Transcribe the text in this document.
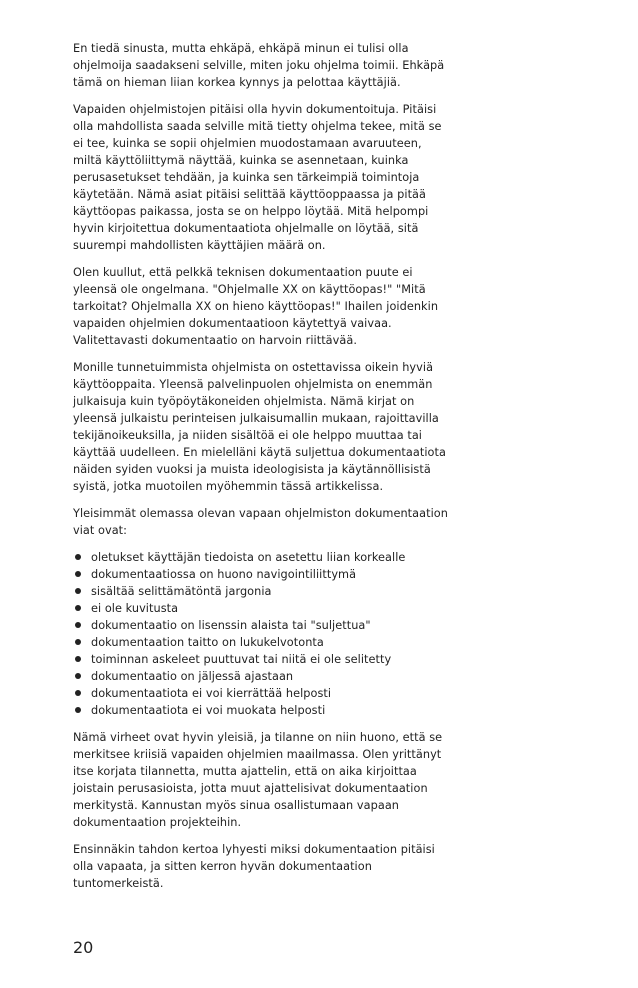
En tiedä sinusta, mutta ehkäpä, ehkäpä minun ei tulisi olla ohjelmoija saadakseni selville, miten joku ohjelma toimii. Ehkäpä tämä on hieman liian korkea kynnys ja pelottaa käyttäjiä.

Vapaiden ohjelmistojen pitäisi olla hyvin dokumentoituja. Pitäisi olla mahdollista saada selville mitä tietty ohjelma tekee, mitä se ei tee, kuinka se sopii ohjelmien muodostamaan avaruuteen, miltä käyttöliittymä näyttää, kuinka se asennetaan, kuinka perusasetukset tehdään, ja kuinka sen tärkeimpiä toimintoja käytetään. Nämä asiat pitäisi selittää käyttöoppaassa ja pitää käyttöopas paikassa, josta se on helppo löytää. Mitä helpompi hyvin kirjoitettua dokumentaatiota ohjelmalle on löytää, sitä suurempi mahdollisten käyttäjien määrä on.

Olen kuullut, että pelkkä teknisen dokumentaation puute ei yleensä ole ongelmana. "Ohjelmalle XX on käyttöopas!" "Mitä tarkoitat? Ohjelmalla XX on hieno käyttöopas!" Ihailen joidenkin vapaiden ohjelmien dokumentaatioon käytettyä vaivaa. Valitettavasti dokumentaatio on harvoin riittävää.

Monille tunnetuimmista ohjelmista on ostettavissa oikein hyviä käyttöoppaita. Yleensä palvelinpuolen ohjelmista on enemmän julkaisuja kuin työpöytäkoneiden ohjelmista. Nämä kirjat on yleensä julkaistu perinteisen julkaisumallin mukaan, rajoittavilla tekijänoikeuksilla, ja niiden sisältöä ei ole helppo muuttaa tai käyttää uudelleen. En mielelläni käytä suljettua dokumentaatiota näiden syiden vuoksi ja muista ideologisista ja käytännöllisistä syistä, jotka muotoilen myöhemmin tässä artikkelissa.

Yleisimmät olemassa olevan vapaan ohjelmiston dokumentaation viat ovat:

oletukset käyttäjän tiedoista on asetettu liian korkealle
dokumentaatiossa on huono navigointiliittymä
sisältää selittämätöntä jargonia
ei ole kuvitusta
dokumentaatio on lisenssin alaista tai "suljettua"
dokumentaation taitto on lukukelvotonta
toiminnan askeleet puuttuvat tai niitä ei ole selitetty
dokumentaatio on jäljessä ajastaan
dokumentaatiota ei voi kierrättää helposti
dokumentaatiota ei voi muokata helposti

Nämä virheet ovat hyvin yleisiä, ja tilanne on niin huono, että se merkitsee kriisiä vapaiden ohjelmien maailmassa. Olen yrittänyt itse korjata tilannetta, mutta ajattelin, että on aika kirjoittaa joistain perusasioista, jotta muut ajattelisivat dokumentaation merkitystä. Kannustan myös sinua osallistumaan vapaan dokumentaation projekteihin.

Ensinnäkin tahdon kertoa lyhyesti miksi dokumentaation pitäisi olla vapaata, ja sitten kerron hyvän dokumentaation tuntomerkeistä.

20
